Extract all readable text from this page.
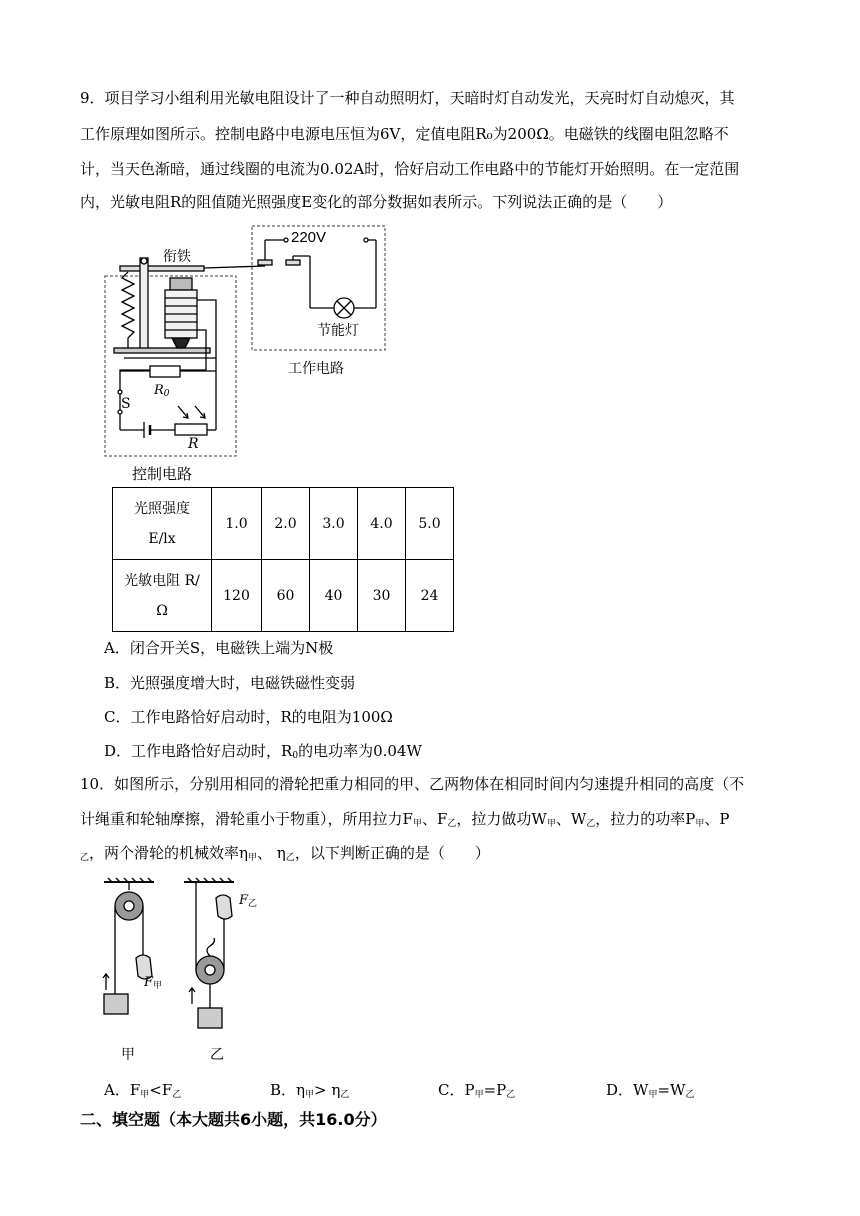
9．项目学习小组利用光敏电阻设计了一种自动照明灯，天暗时灯自动发光，天亮时灯自动熄灭，其
工作原理如图所示。控制电路中电源电压恒为6V，定值电阻R₀为200Ω。电磁铁的线圈电阻忽略不
计，当天色渐暗，通过线圈的电流为0.02A时，恰好启动工作电路中的节能灯开始照明。在一定范围
内，光敏电阻R的阻值随光照强度E变化的部分数据如表所示。下列说法正确的是（　　）
衔铁
220V
节能灯
工作电路
$R_0$
S
R
控制电路
光照强度
E/lx	1.0	2.0	3.0	4.0	5.0
光敏电阻 R/
Ω	120	60	40	30	24
A．闭合开关S，电磁铁上端为N极
B．光照强度增大时，电磁铁磁性变弱
C．工作电路恰好启动时，R的电阻为100Ω
D．工作电路恰好启动时，$R_0$的电功率为0.04W
10．如图所示，分别用相同的滑轮把重力相同的甲、乙两物体在相同时间内匀速提升相同的高度（不
计绳重和轮轴摩擦，滑轮重小于物重），所用拉力$F_甲$、$F_乙$，拉力做功$W_甲$、$W_乙$，拉力的功率$P_甲$、P
$_乙$，两个滑轮的机械效率$\eta_甲$、 $\eta_乙$，以下判断正确的是（　　）
$F_乙$
$F_甲$
甲	乙
A．$F_甲<F_乙$	B．$\eta_甲> \eta_乙$	C．$P_甲=P_乙$	D．$W_甲=W_乙$
二、填空题（本大题共6小题，共16.0分）
